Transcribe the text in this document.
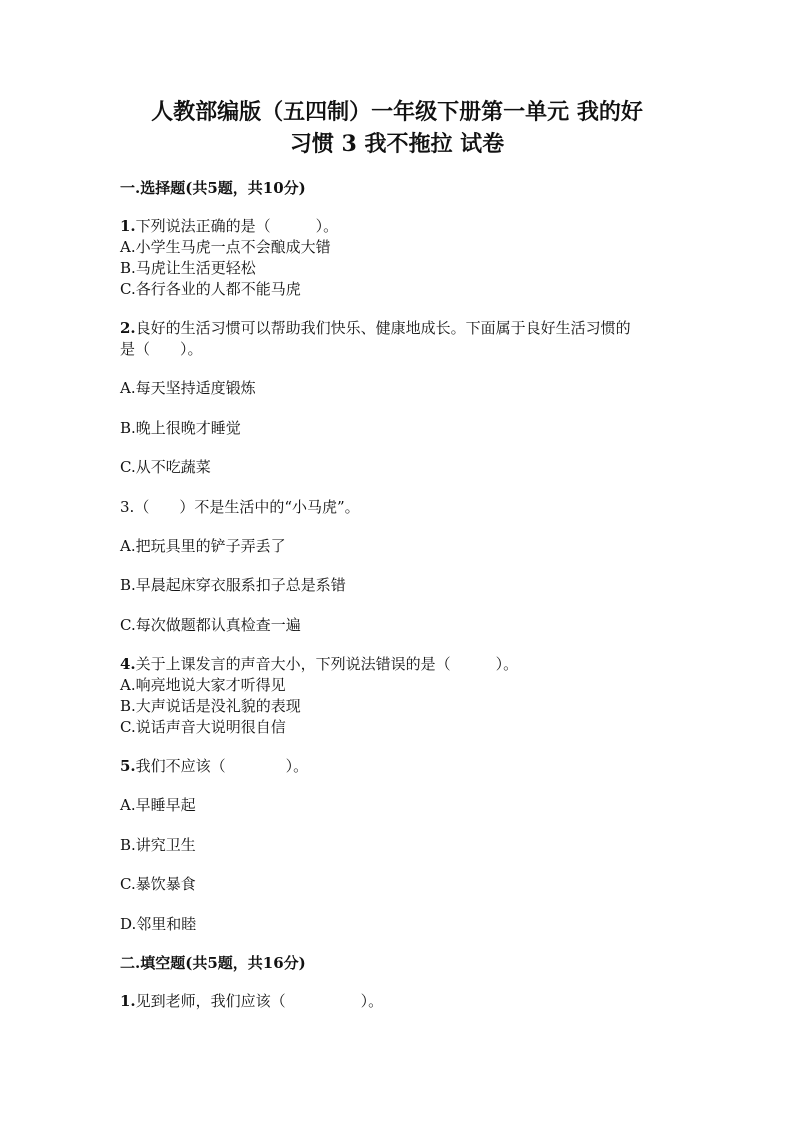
人教部编版（五四制）一年级下册第一单元 我的好
习惯 3 我不拖拉 试卷

一.选择题(共5题，共10分)

1.下列说法正确的是（　　　）。

A.小学生马虎一点不会酿成大错

B.马虎让生活更轻松

C.各行各业的人都不能马虎

2.良好的生活习惯可以帮助我们快乐、健康地成长。下面属于良好生活习惯的

是（　　）。

A.每天坚持适度锻炼

B.晚上很晚才睡觉

C.从不吃蔬菜

3.（　　）不是生活中的“小马虎”。

A.把玩具里的铲子弄丢了

B.早晨起床穿衣服系扣子总是系错

C.每次做题都认真检查一遍

4.关于上课发言的声音大小，下列说法错误的是（　　　）。

A.响亮地说大家才听得见

B.大声说话是没礼貌的表现

C.说话声音大说明很自信

5.我们不应该（　　　　）。

A.早睡早起

B.讲究卫生

C.暴饮暴食

D.邻里和睦

二.填空题(共5题，共16分)

1.见到老师，我们应该（　　　　　）。
